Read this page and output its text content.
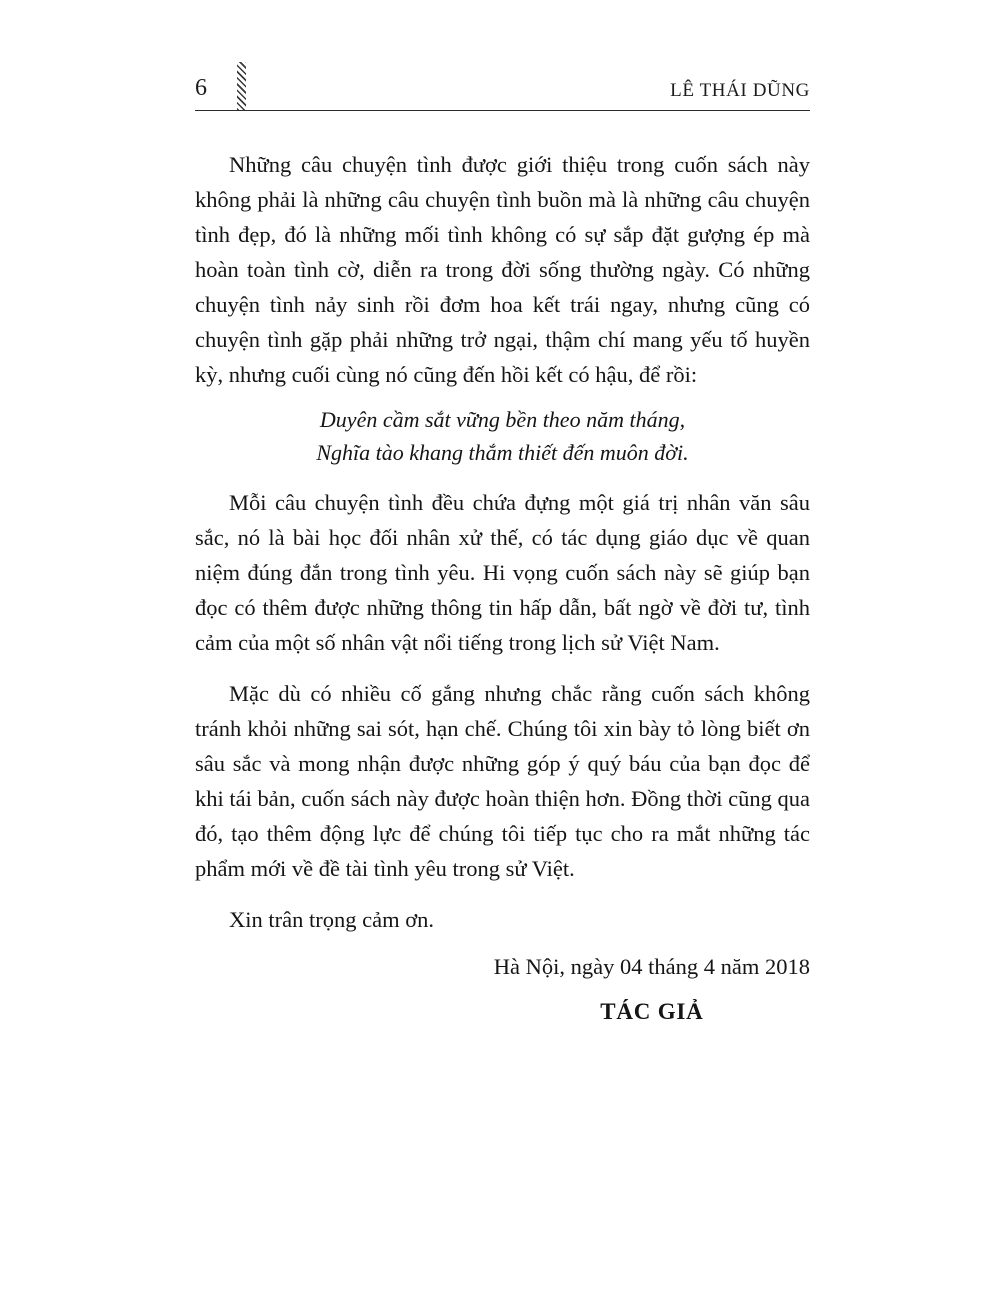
6	LÊ THÁI DŨNG

Những câu chuyện tình được giới thiệu trong cuốn sách này không phải là những câu chuyện tình buồn mà là những câu chuyện tình đẹp, đó là những mối tình không có sự sắp đặt gượng ép mà hoàn toàn tình cờ, diễn ra trong đời sống thường ngày. Có những chuyện tình nảy sinh rồi đơm hoa kết trái ngay, nhưng cũng có chuyện tình gặp phải những trở ngại, thậm chí mang yếu tố huyền kỳ, nhưng cuối cùng nó cũng đến hồi kết có hậu, để rồi:

Duyên cầm sắt vững bền theo năm tháng,
Nghĩa tào khang thắm thiết đến muôn đời.

Mỗi câu chuyện tình đều chứa đựng một giá trị nhân văn sâu sắc, nó là bài học đối nhân xử thế, có tác dụng giáo dục về quan niệm đúng đắn trong tình yêu. Hi vọng cuốn sách này sẽ giúp bạn đọc có thêm được những thông tin hấp dẫn, bất ngờ về đời tư, tình cảm của một số nhân vật nổi tiếng trong lịch sử Việt Nam.

Mặc dù có nhiều cố gắng nhưng chắc rằng cuốn sách không tránh khỏi những sai sót, hạn chế. Chúng tôi xin bày tỏ lòng biết ơn sâu sắc và mong nhận được những góp ý quý báu của bạn đọc để khi tái bản, cuốn sách này được hoàn thiện hơn. Đồng thời cũng qua đó, tạo thêm động lực để chúng tôi tiếp tục cho ra mắt những tác phẩm mới về đề tài tình yêu trong sử Việt.

Xin trân trọng cảm ơn.

Hà Nội, ngày 04 tháng 4 năm 2018
TÁC GIẢ
